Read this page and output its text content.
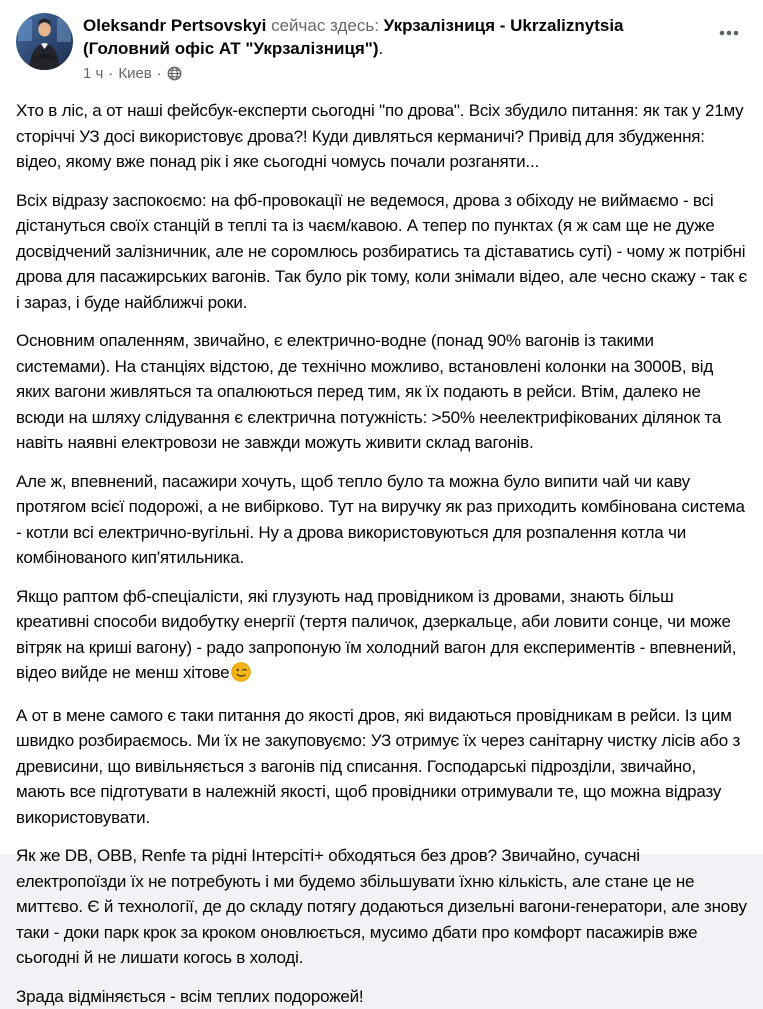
Oleksandr Pertsovskyi сейчас здесь: Укрзалізниця - Ukrzaliznytsia (Головний офіс АТ "Укрзалізниця").
1 ч · Киев ·

Хто в ліс, а от наші фейсбук-експерти сьогодні "по дрова". Всіх збудило питання: як так у 21му сторіччі УЗ досі використовує дрова?! Куди дивляться керманичі? Привід для збудження: відео, якому вже понад рік і яке сьогодні чомусь почали розганяти...

Всіх відразу заспокоємо: на фб-провокації не ведемося, дрова з обіходу не виймаємо - всі дістануться своїх станцій в теплі та із чаєм/кавою. А тепер по пунктах (я ж сам ще не дуже досвідчений залізничник, але не соромлюсь розбиратись та діставатись суті) - чому ж потрібні дрова для пасажирських вагонів. Так було рік тому, коли знімали відео, але чесно скажу - так є і зараз, і буде найближчі роки.

Основним опаленням, звичайно, є електрично-водне (понад 90% вагонів із такими системами). На станціях відстою, де технічно можливо, встановлені колонки на 3000В, від яких вагони живляться та опалюються перед тим, як їх подають в рейси. Втім, далеко не всюди на шляху слідування є єлектрична потужність: >50% неелектрифікованих ділянок та навіть наявні електровози не завжди можуть живити склад вагонів.

Але ж, впевнений, пасажири хочуть, щоб тепло було та можна було випити чай чи каву протягом всієї подорожі, а не вибірково. Тут на виручку як раз приходить комбінована система - котли всі електрично-вугільні. Ну а дрова використовуються для розпалення котла чи комбінованого кип'ятильника.

Якщо раптом фб-спеціалісти, які глузують над провідником із дровами, знають більш креативні способи видобутку енергії (тертя паличок, дзеркальце, аби ловити сонце, чи може вітряк на криші вагону) - радо запропоную їм холодний вагон для експериментів - впевнений, відео вийде не менш хітове

А от в мене самого є таки питання до якості дров, які видаються провідникам в рейси. Із цим швидко розбираємось. Ми їх не закуповуємо: УЗ отримує їх через санітарну чистку лісів або з древисини, що вивільняється з вагонів під списання. Господарські підрозділи, звичайно, мають все підготувати в належній якості, щоб провідники отримували те, що можна відразу використовувати.

Як же DB, OBB, Renfe та рідні Інтерсіті+ обходяться без дров? Звичайно, сучасні електропоїзди їх не потребують і ми будемо збільшувати їхню кількість, але стане це не миттєво. Є й технології, де до складу потягу додаються дизельні вагони-генератори, але знову таки - доки парк крок за кроком оновлюється, мусимо дбати про комфорт пасажирів вже сьогодні й не лишати когось в холоді.

Зрада відміняється - всім теплих подорожей!
